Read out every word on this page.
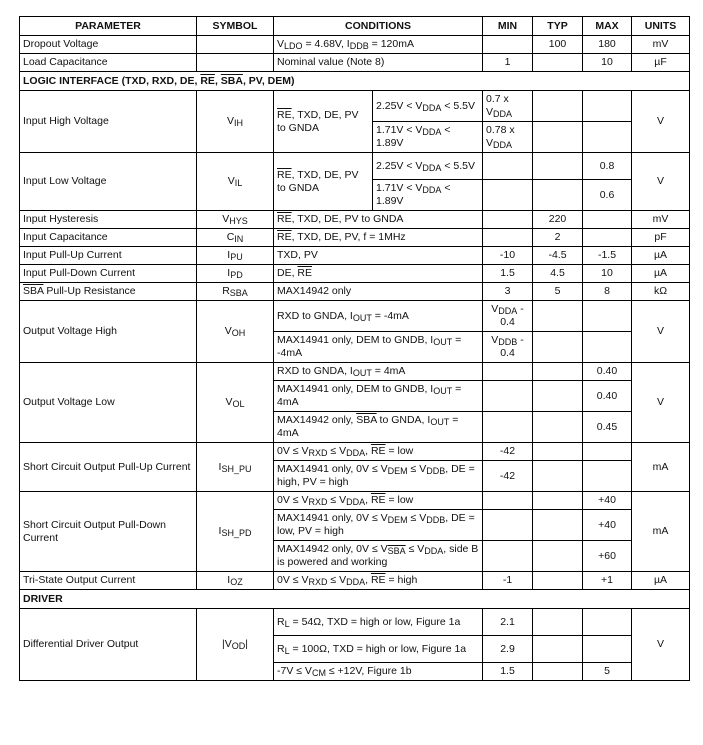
PARAMETER	SYMBOL	CONDITIONS		MIN	TYP	MAX	UNITS
Dropout Voltage		$V_{LDO} = 4.68V$, $I_{DDB} = 120mA$			100	180	mV
Load Capacitance		Nominal value (Note 8)		1		10	µF
LOGIC INTERFACE (TXD, RXD, DE, $\overline{RE}$, $\overline{SBA}$, PV, DEM)							
Input High Voltage	$V_{IH}$	$\overline{RE}$, TXD, DE, PV to GNDA	$2.25V < V_{DDA} < 5.5V$	0.7 x $V_{DDA}$			V
			$1.71V < V_{DDA} < 1.89V$	0.78 x $V_{DDA}$		
Input Low Voltage	$V_{IL}$	$\overline{RE}$, TXD, DE, PV to GNDA	$2.25V < V_{DDA} < 5.5V$			0.8	V
			$1.71V < V_{DDA} < 1.89V$			0.6	
Input Hysteresis	$V_{HYS}$	$\overline{RE}$, TXD, DE, PV to GNDA			220		mV
Input Capacitance	$C_{IN}$	$\overline{RE}$, TXD, DE, PV, f = 1MHz			2		pF
Input Pull-Up Current	$I_{PU}$	TXD, PV		-10	-4.5	-1.5	µA
Input Pull-Down Current	$I_{PD}$	DE, $\overline{RE}$		1.5	4.5	10	µA
$\overline{SBA}$ Pull-Up Resistance	$R_{SBA}$	MAX14942 only		3	5	8	kΩ
Output Voltage High	$V_{OH}$	RXD to GNDA, $I_{OUT} = -4mA$		$V_{DDA} - 0.4$			V
		MAX14941 only, DEM to GNDB, $I_{OUT} = -4mA$		$V_{DDB} - 0.4$			
Output Voltage Low	$V_{OL}$	RXD to GNDA, $I_{OUT} = 4mA$				0.40	V
		MAX14941 only, DEM to GNDB, $I_{OUT} = 4mA$				0.40	
		MAX14942 only, $\overline{SBA}$ to GNDA, $I_{OUT} = 4mA$				0.45	
Short Circuit Output Pull-Up Current	$I_{SH\_PU}$	$0V \le V_{RXD} \le V_{DDA}$, $\overline{RE}$ = low		-42			mA
		MAX14941 only, $0V \le V_{DEM} \le V_{DDB}$, DE = high, PV = high		-42			
Short Circuit Output Pull-Down Current	$I_{SH\_PD}$	$0V \le V_{RXD} \le V_{DDA}$, $\overline{RE}$ = low				+40	mA
		MAX14941 only, $0V \le V_{DEM} \le V_{DDB}$, DE = low, PV = high				+40	
		MAX14942 only, $0V \le V_{\overline{SBA}} \le V_{DDA}$, side B is powered and working				+60	
Tri-State Output Current	$I_{OZ}$	$0V \le V_{RXD} \le V_{DDA}$, $\overline{RE}$ = high		-1		+1	µA
DRIVER							
Differential Driver Output	$|V_{OD}|$	$R_L = 54\Omega$, TXD = high or low, Figure 1a		2.1			V
		$R_L = 100\Omega$, TXD = high or low, Figure 1a		2.9			
		$-7V \le V_{CM} \le +12V$, Figure 1b		1.5		5	
